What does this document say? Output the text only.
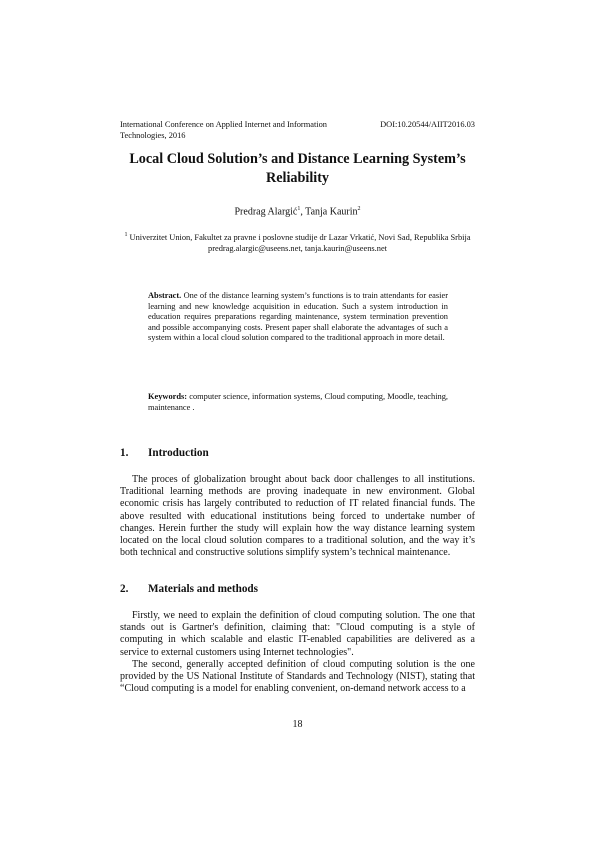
International Conference on Applied Internet and Information Technologies, 2016
DOI:10.20544/AIIT2016.03
Local Cloud Solution’s and Distance Learning System’s Reliability
Predrag Alargić$^1$, Tanja Kaurin$^2$
$^1$ Univerzitet Union, Fakultet za pravne i poslovne studije dr Lazar Vrkatić, Novi Sad, Republika Srbija
predrag.alargic@useens.net, tanja.kaurin@useens.net
Abstract. One of the distance learning system’s functions is to train attendants for easier learning and new knowledge acquisition in education. Such a system introduction in education requires preparations regarding maintenance, system termination prevention and possible accompanying costs. Present paper shall elaborate the advantages of such a system within a local cloud solution compared to the traditional approach in more detail.
Keywords: computer science, information systems, Cloud computing, Moodle, teaching, maintenance .
1. Introduction

The proces of globalization brought about back door challenges to all institutions. Traditional learning methods are proving inadequate in new environment. Global economic crisis has largely contributed to reduction of IT related financial funds. The above resulted with educational institutions being forced to undertake number of changes. Herein further the study will explain how the way distance learning system located on the local cloud solution compares to a traditional solution, and the way it’s both technical and constructive solutions simplify system’s technical maintenance.

2. Materials and methods

Firstly, we need to explain the definition of cloud computing solution. The one that stands out is Gartner's definition, claiming that: "Cloud computing is a style of computing in which scalable and elastic IT-enabled capabilities are delivered as a service to external customers using Internet technologies".

The second, generally accepted definition of cloud computing solution is the one provided by the US National Institute of Standards and Technology (NIST), stating that “Cloud computing is a model for enabling convenient, on-demand network access to a

18
